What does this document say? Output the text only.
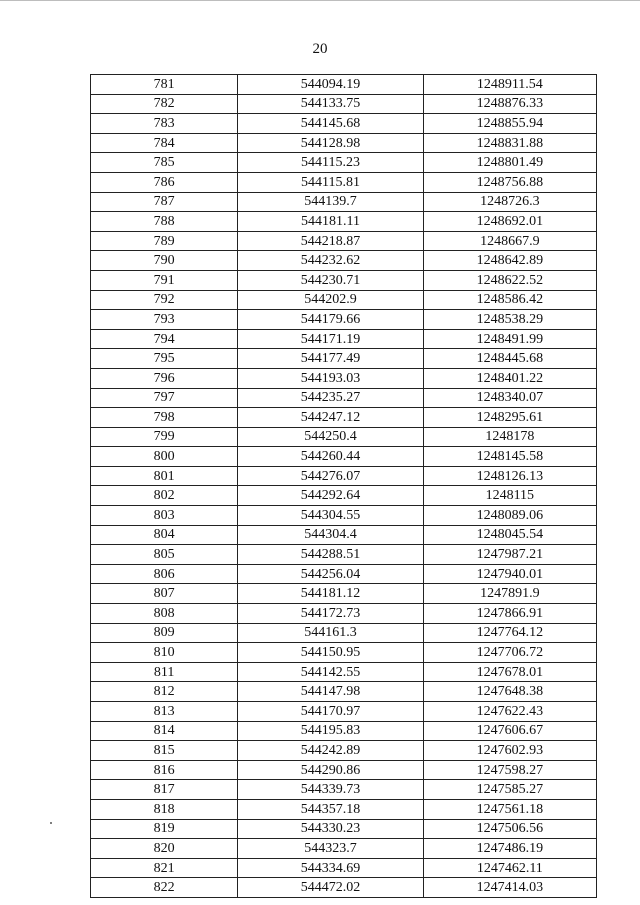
20
781	544094.19	1248911.54
782	544133.75	1248876.33
783	544145.68	1248855.94
784	544128.98	1248831.88
785	544115.23	1248801.49
786	544115.81	1248756.88
787	544139.7	1248726.3
788	544181.11	1248692.01
789	544218.87	1248667.9
790	544232.62	1248642.89
791	544230.71	1248622.52
792	544202.9	1248586.42
793	544179.66	1248538.29
794	544171.19	1248491.99
795	544177.49	1248445.68
796	544193.03	1248401.22
797	544235.27	1248340.07
798	544247.12	1248295.61
799	544250.4	1248178
800	544260.44	1248145.58
801	544276.07	1248126.13
802	544292.64	1248115
803	544304.55	1248089.06
804	544304.4	1248045.54
805	544288.51	1247987.21
806	544256.04	1247940.01
807	544181.12	1247891.9
808	544172.73	1247866.91
809	544161.3	1247764.12
810	544150.95	1247706.72
811	544142.55	1247678.01
812	544147.98	1247648.38
813	544170.97	1247622.43
814	544195.83	1247606.67
815	544242.89	1247602.93
816	544290.86	1247598.27
817	544339.73	1247585.27
818	544357.18	1247561.18
819	544330.23	1247506.56
820	544323.7	1247486.19
821	544334.69	1247462.11
822	544472.02	1247414.03
